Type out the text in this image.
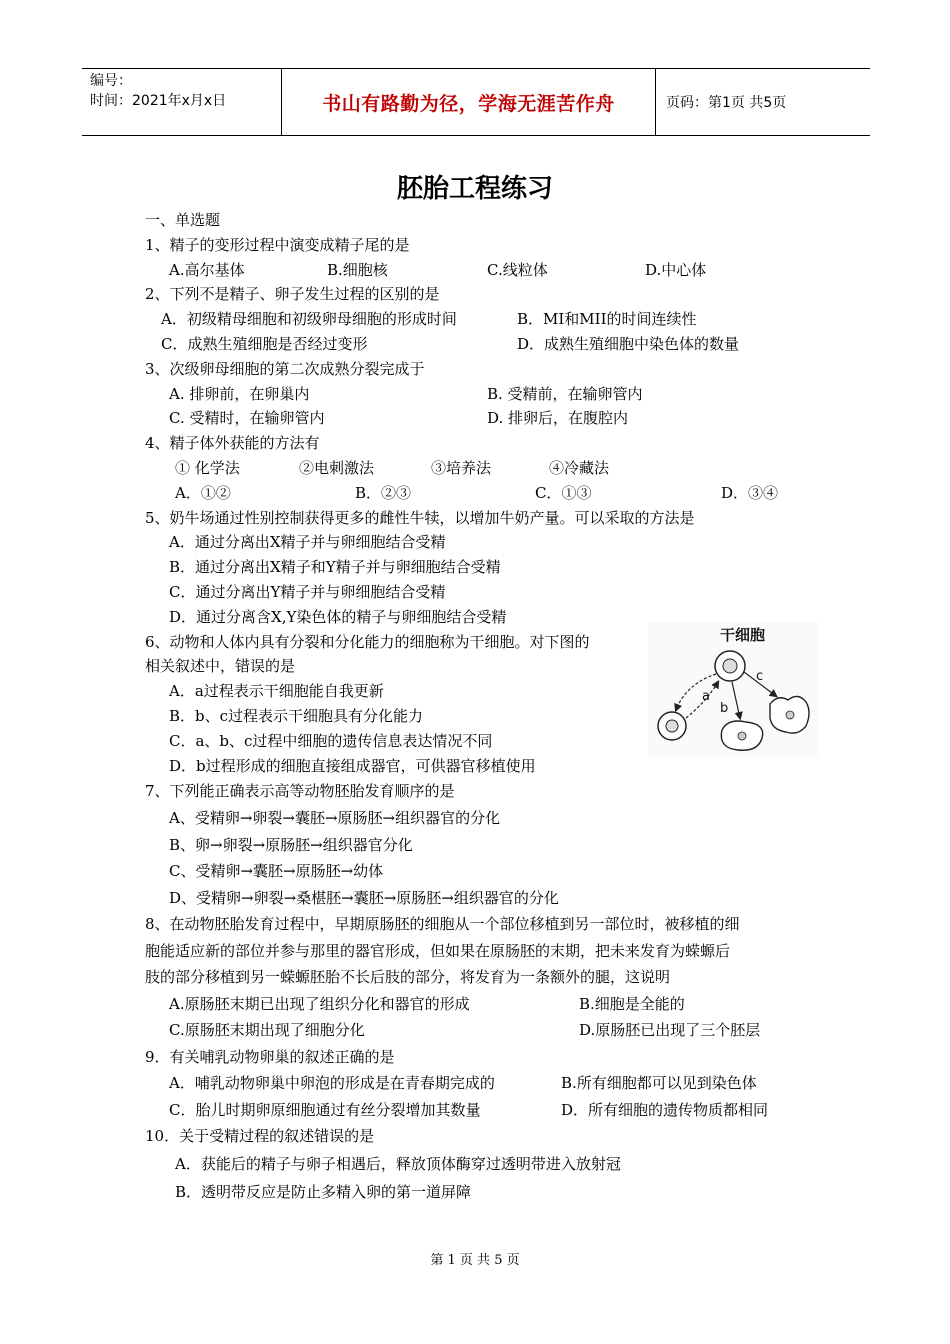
编号：
时间：2021年x月x日	书山有路勤为径，学海无涯苦作舟	页码：第1页 共5页
胚胎工程练习
一、单选题
1、精子的变形过程中演变成精子尾的是
A.高尔基体	B.细胞核	C.线粒体	D.中心体
2、下列不是精子、卵子发生过程的区别的是
A．初级精母细胞和初级卵母细胞的形成时间	B．MI和MII的时间连续性
C．成熟生殖细胞是否经过变形	D．成熟生殖细胞中染色体的数量
3、次级卵母细胞的第二次成熟分裂完成于
A. 排卵前，在卵巢内	B. 受精前，在输卵管内
C. 受精时，在输卵管内	D. 排卵后，在腹腔内
4、精子体外获能的方法有
① 化学法	②电刺激法	③培养法	④冷藏法
A．①②	B．②③	C．①③	D．③④
5、奶牛场通过性别控制获得更多的雌性牛犊，以增加牛奶产量。可以采取的方法是
A．通过分离出X精子并与卵细胞结合受精
B．通过分离出X精子和Y精子并与卵细胞结合受精
C．通过分离出Y精子并与卵细胞结合受精
D．通过分离含X,Y染色体的精子与卵细胞结合受精
6、动物和人体内具有分裂和分化能力的细胞称为干细胞。对下图的
相关叙述中，错误的是
A．a过程表示干细胞能自我更新
B．b、c过程表示干细胞具有分化能力
C．a、b、c过程中细胞的遗传信息表达情况不同
D．b过程形成的细胞直接组成器官，可供器官移植使用
7、下列能正确表示高等动物胚胎发育顺序的是
A、受精卵→卵裂→囊胚→原肠胚→组织器官的分化
B、卵→卵裂→原肠胚→组织器官分化
C、受精卵→囊胚→原肠胚→幼体
D、受精卵→卵裂→桑椹胚→囊胚→原肠胚→组织器官的分化
8、在动物胚胎发育过程中，早期原肠胚的细胞从一个部位移植到另一部位时，被移植的细
胞能适应新的部位并参与那里的器官形成，但如果在原肠胚的末期，把未来发育为蝾螈后
肢的部分移植到另一蝾螈胚胎不长后肢的部分，将发育为一条额外的腿，这说明
A.原肠胚末期已出现了组织分化和器官的形成	B.细胞是全能的
C.原肠胚末期出现了细胞分化	D.原肠胚已出现了三个胚层
9．有关哺乳动物卵巢的叙述正确的是
A．哺乳动物卵巢中卵泡的形成是在青春期完成的	B.所有细胞都可以见到染色体
C．胎儿时期卵原细胞通过有丝分裂增加其数量	D．所有细胞的遗传物质都相同
10．关于受精过程的叙述错误的是
A．获能后的精子与卵子相遇后，释放顶体酶穿过透明带进入放射冠
B．透明带反应是防止多精入卵的第一道屏障
干细胞
a
b
c
第 1 页 共 5 页
